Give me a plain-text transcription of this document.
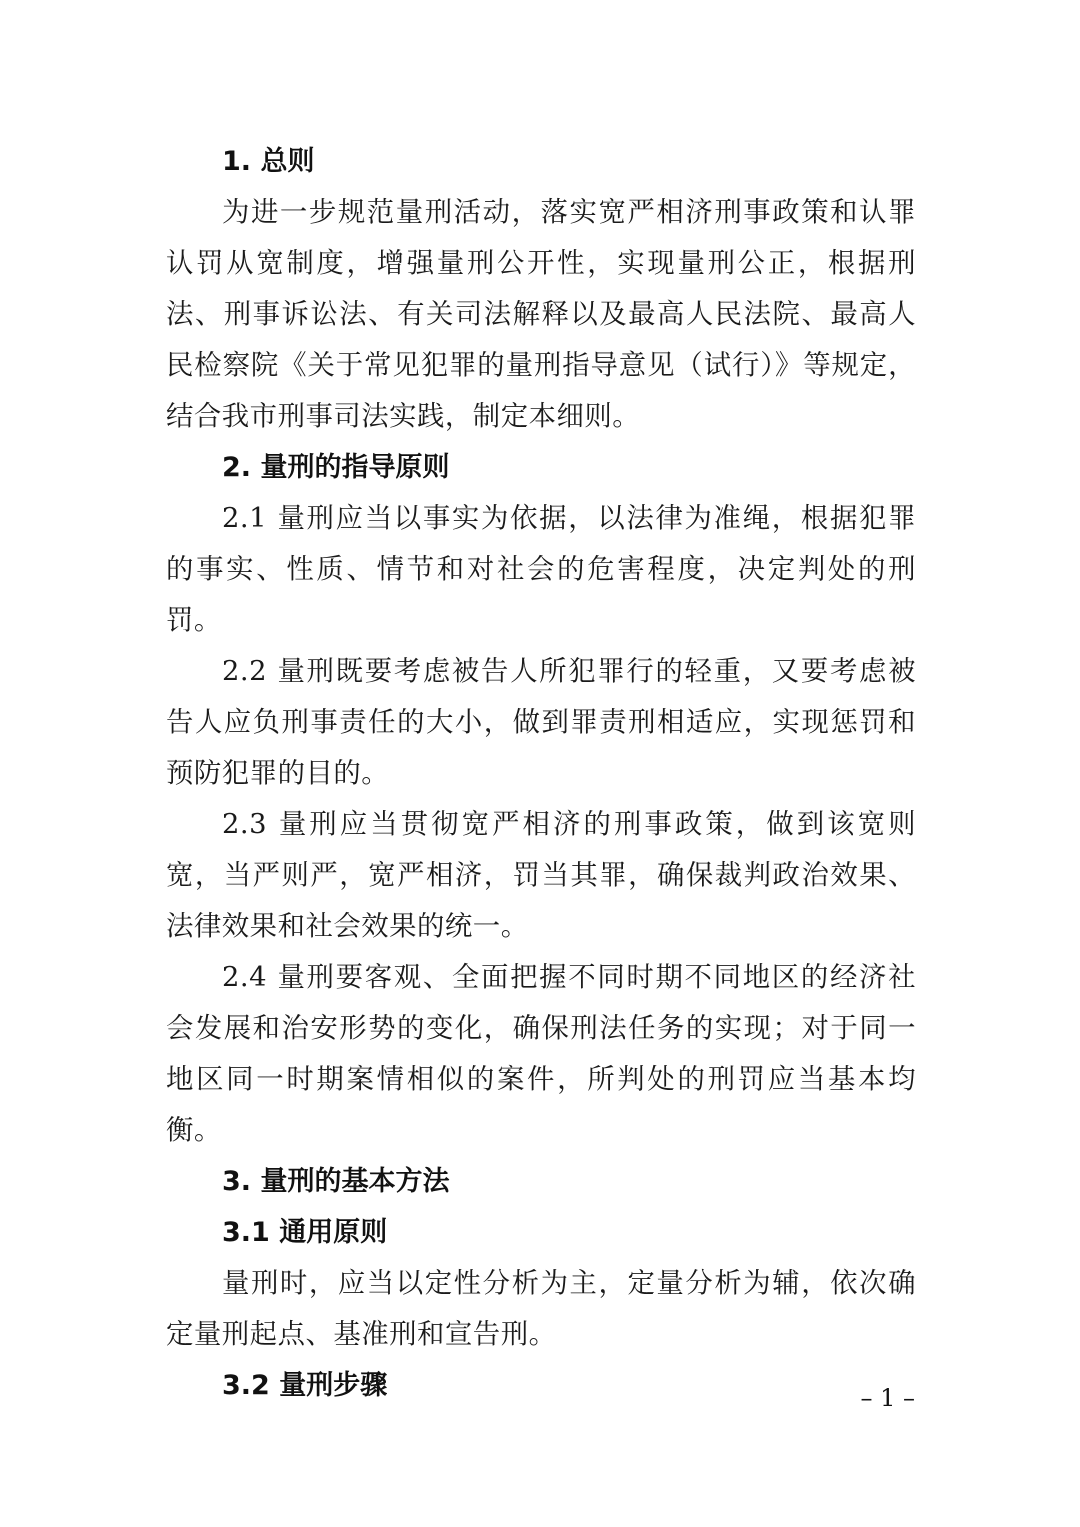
1. 总则

为进一步规范量刑活动，落实宽严相济刑事政策和认罪认罚从宽制度，增强量刑公开性，实现量刑公正，根据刑法、刑事诉讼法、有关司法解释以及最高人民法院、最高人民检察院《关于常见犯罪的量刑指导意见（试行）》等规定，结合我市刑事司法实践，制定本细则。

2. 量刑的指导原则

2.1 量刑应当以事实为依据，以法律为准绳，根据犯罪的事实、性质、情节和对社会的危害程度，决定判处的刑罚。

2.2 量刑既要考虑被告人所犯罪行的轻重，又要考虑被告人应负刑事责任的大小，做到罪责刑相适应，实现惩罚和预防犯罪的目的。

2.3 量刑应当贯彻宽严相济的刑事政策，做到该宽则宽，当严则严，宽严相济，罚当其罪，确保裁判政治效果、法律效果和社会效果的统一。

2.4 量刑要客观、全面把握不同时期不同地区的经济社会发展和治安形势的变化，确保刑法任务的实现；对于同一地区同一时期案情相似的案件，所判处的刑罚应当基本均衡。

3. 量刑的基本方法
3.1 通用原则

量刑时，应当以定性分析为主，定量分析为辅，依次确定量刑起点、基准刑和宣告刑。

3.2 量刑步骤	– 1 –
